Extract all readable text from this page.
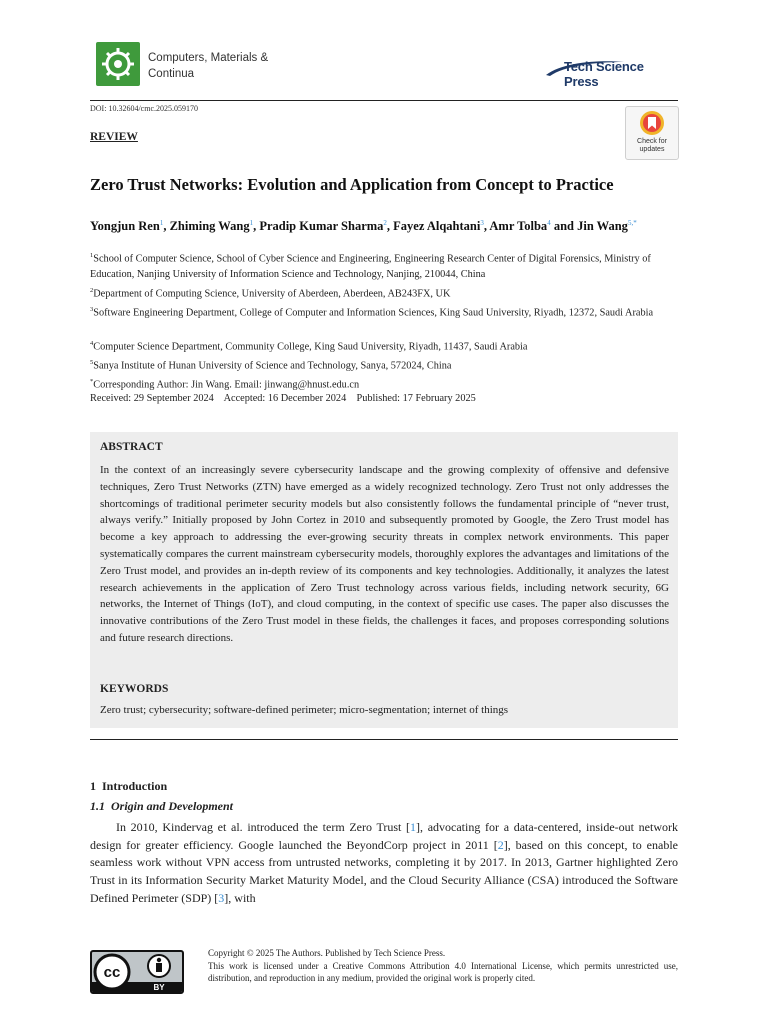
Computers, Materials &
Continua	Tech Science Press
DOI: 10.32604/cmc.2025.059170
REVIEW	Check for
updates
Zero Trust Networks: Evolution and Application from Concept to Practice
Yongjun Ren$^1$, Zhiming Wang$^1$, Pradip Kumar Sharma$^2$, Fayez Alqahtani$^3$, Amr Tolba$^4$ and Jin Wang$^{5,*}$
$^1$School of Computer Science, School of Cyber Science and Engineering, Engineering Research Center of Digital Forensics, Ministry of Education, Nanjing University of Information Science and Technology, Nanjing, 210044, China
$^2$Department of Computing Science, University of Aberdeen, Aberdeen, AB243FX, UK
$^3$Software Engineering Department, College of Computer and Information Sciences, King Saud University, Riyadh, 12372, Saudi Arabia
$^4$Computer Science Department, Community College, King Saud University, Riyadh, 11437, Saudi Arabia
$^5$Sanya Institute of Hunan University of Science and Technology, Sanya, 572024, China
*Corresponding Author: Jin Wang. Email: jinwang@hnust.edu.cn
Received: 29 September 2024 Accepted: 16 December 2024 Published: 17 February 2025
ABSTRACT
In the context of an increasingly severe cybersecurity landscape and the growing complexity of offensive and defensive techniques, Zero Trust Networks (ZTN) have emerged as a widely recognized technology. Zero Trust not only addresses the shortcomings of traditional perimeter security models but also consistently follows the fundamental principle of “never trust, always verify.” Initially proposed by John Cortez in 2010 and subsequently promoted by Google, the Zero Trust model has become a key approach to addressing the ever-growing security threats in complex network environments. This paper systematically compares the current mainstream cybersecurity models, thoroughly explores the advantages and limitations of the Zero Trust model, and provides an in-depth review of its components and key technologies. Additionally, it analyzes the latest research achievements in the application of Zero Trust technology across various fields, including network security, 6G networks, the Internet of Things (IoT), and cloud computing, in the context of specific use cases. The paper also discusses the innovative contributions of the Zero Trust model in these fields, the challenges it faces, and proposes corresponding solutions and future research directions.
KEYWORDS
Zero trust; cybersecurity; software-defined perimeter; micro-segmentation; internet of things
1 Introduction
1.1 Origin and Development
In 2010, Kindervag et al. introduced the term Zero Trust [1], advocating for a data-centered, inside-out network design for greater efficiency. Google launched the BeyondCorp project in 2011 [2], based on this concept, to enable seamless work without VPN access from untrusted networks, completing it by 2017. In 2013, Gartner highlighted Zero Trust in its Information Security Market Maturity Model, and the Cloud Security Alliance (CSA) introduced the Software Defined Perimeter (SDP) [3], with
cc
BY
Copyright © 2025 The Authors. Published by Tech Science Press.
This work is licensed under a Creative Commons Attribution 4.0 International License, which permits unrestricted use, distribution, and reproduction in any medium, provided the original work is properly cited.
